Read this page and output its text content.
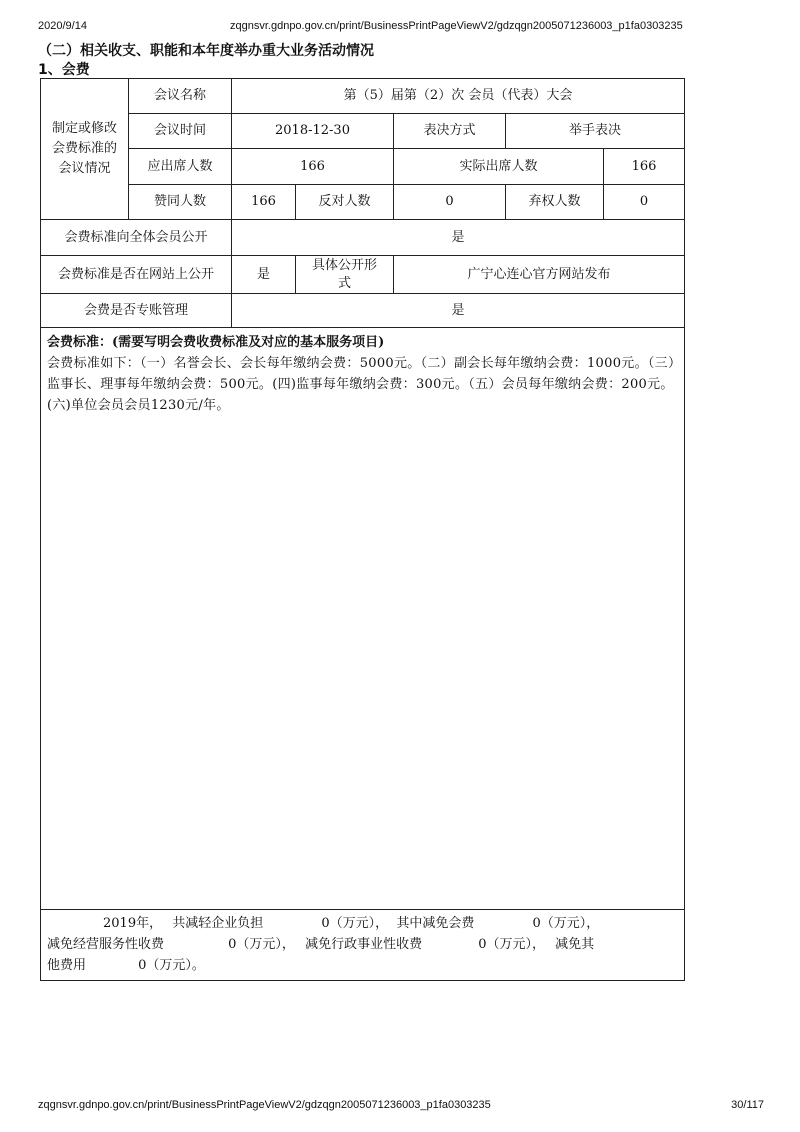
2020/9/14	zqgnsvr.gdnpo.gov.cn/print/BusinessPrintPageViewV2/gdzqgn2005071236003_p1fa0303235
（二）相关收支、职能和本年度举办重大业务活动情况
1、会费
制定或修改会费标准的会议情况	会议名称	第（5）届第（2）次 会员（代表）大会				
	会议时间	2018-12-30		表决方式	举手表决	
	应出席人数	166		实际出席人数		166
	赞同人数	166	反对人数	0	弃权人数	0
会费标准向全体会员公开		是				
会费标准是否在网站上公开		是	具体公开形式	广宁心连心官方网站发布		
会费是否专账管理		是				

会费标准：(需要写明会费收费标准及对应的基本服务项目)
会费标准如下：（一）名誉会长、会长每年缴纳会费：5000元。（二）副会长每年缴纳会费：1000元。（三）监事长、理事每年缴纳会费：500元。(四)监事每年缴纳会费：300元。（五）会员每年缴纳会费：200元。 (六)单位会员会员1230元/年。						

2019年， 共减轻企业负担 0（万元）， 其中减免会费 0（万元），
减免经营服务性收费 0（万元）， 减免行政事业性收费 0（万元）， 减免其
他费用 0（万元）。						
zqgnsvr.gdnpo.gov.cn/print/BusinessPrintPageViewV2/gdzqgn2005071236003_p1fa0303235	30/117
